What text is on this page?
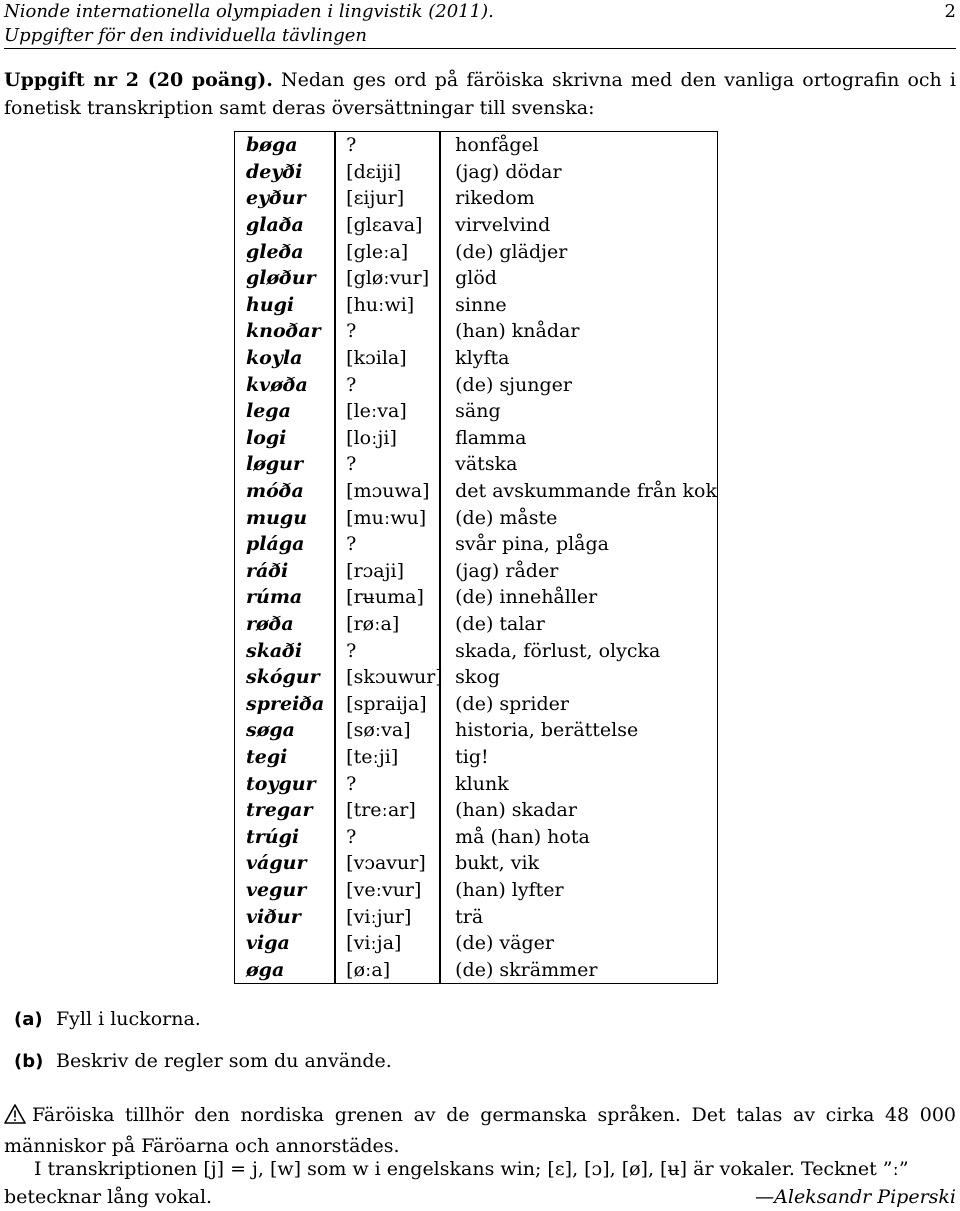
Nionde internationella olympiaden i lingvistik (2011).
Uppgifter för den individuella tävlingen
2
Uppgift nr 2 (20 poäng). Nedan ges ord på färöiska skrivna med den vanliga ortografin och i fonetisk transkription samt deras översättningar till svenska:
bøga	?	honfågel
deyði	[dɛiji]	(jag) dödar
eyður	[ɛijur]	rikedom
glaða	[glɛava]	virvelvind
gleða	[gleːa]	(de) glädjer
gløður	[gløːvur]	glöd
hugi	[huːwi]	sinne
knoðar	?	(han) knådar
koyla	[kɔila]	klyfta
kvøða	?	(de) sjunger
lega	[leːva]	säng
logi	[loːji]	flamma
løgur	?	vätska
móða	[mɔuwa]	det avskummande från kok
mugu	[muːwu]	(de) måste
plága	?	svår pina, plåga
ráði	[rɔaji]	(jag) råder
rúma	[rʉuma]	(de) innehåller
røða	[røːa]	(de) talar
skaði	?	skada, förlust, olycka
skógur	[skɔuwur]	skog
spreiða	[spraija]	(de) sprider
søga	[søːva]	historia, berättelse
tegi	[teːji]	tig!
toygur	?	klunk
tregar	[treːar]	(han) skadar
trúgi	?	må (han) hota
vágur	[vɔavur]	bukt, vik
vegur	[veːvur]	(han) lyfter
viður	[viːjur]	trä
viga	[viːja]	(de) väger
øga	[øːa]	(de) skrämmer
(a) Fyll i luckorna.
(b) Beskriv de regler som du använde.
Färöiska tillhör den nordiska grenen av de germanska språken. Det talas av cirka 48 000 människor på Färöarna och annorstädes.
I transkriptionen [j] = j, [w] som w i engelskans win; [ɛ], [ɔ], [ø], [ʉ] är vokaler. Tecknet ”ː” betecknar lång vokal.	—Aleksandr Piperski
